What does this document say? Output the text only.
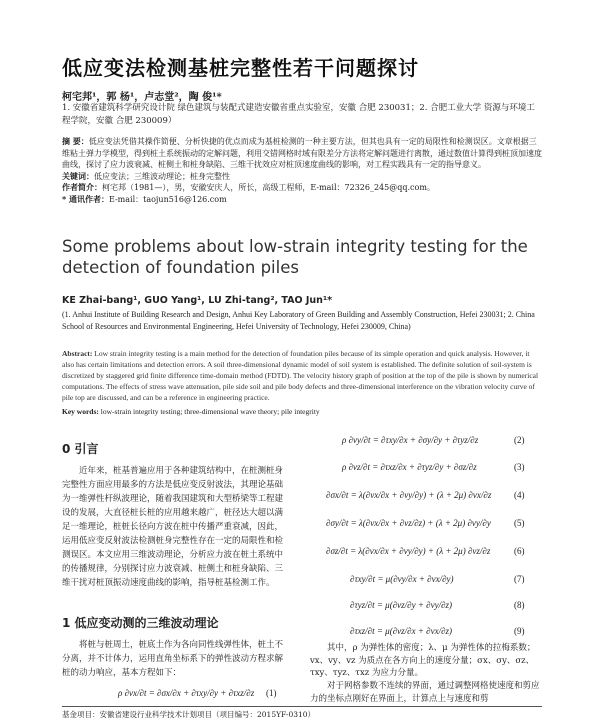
低应变法检测基桩完整性若干问题探讨
柯宅邦¹，郭 杨¹，卢志堂²，陶 俊¹*
1. 安徽省建筑科学研究设计院 绿色建筑与装配式建造安徽省重点实验室，安徽 合肥 230031；2. 合肥工业大学 资源与环境工程学院，安徽 合肥 230009）
摘 要：低应变法凭借其操作简便、分析快捷的优点而成为基桩检测的一种主要方法，但其也具有一定的局限性和检测误区。文章根据三维粘土弹力学模型，得到桩土系统振动的定解问题，利用交错网格时域有限差分方法将定解问题进行离散，通过数值计算得到桩顶加速度曲线，探讨了应力波衰减、桩侧土和桩身缺陷、三维干扰效应对桩顶速度曲线的影响，对工程实践具有一定的指导意义。
关键词：低应变法；三维波动理论；桩身完整性
作者简介：柯宅邦（1981—），男，安徽安庆人，所长，高级工程师，E-mail：72326_245@qq.com。
* 通讯作者：E-mail：taojun516@126.com
Some problems about low-strain integrity testing for the detection of foundation piles
KE Zhai-bang¹, GUO Yang¹, LU Zhi-tang², TAO Jun¹*
(1. Anhui Institute of Building Research and Design, Anhui Key Laboratory of Green Building and Assembly Construction, Hefei 230031; 2. China School of Resources and Environmental Engineering, Hefei University of Technology, Hefei 230009, China)
Abstract: Low strain integrity testing is a main method for the detection of foundation piles because of its simple operation and quick analysis. However, it also has certain limitations and detection errors. A soil three-dimensional dynamic model of soil system is established. The definite solution of soil-system is discretized by staggered grid finite difference time-domain method (FDTD). The velocity history graph of position at the top of the pile is shown by numerical computations. The effects of stress wave attenuation, pile side soil and pile body defects and three-dimensional interference on the vibration velocity curve of pile top are discussed, and can be a reference in engineering practice.
Key words: low-strain integrity testing; three-dimensional wave theory; pile integrity
0 引言
近年来，桩基普遍应用于各种建筑结构中，在桩测桩身完整性方面应用最多的方法是低应变反射波法，其理论基础为一维弹性杆纵波理论，随着我国建筑和大型桥梁等工程建设的发展，大直径桩长桩的应用越来越广，桩径达大超以满足一维理论，桩桩长径向方波在桩中传播严重衰减，因此，运用低应变反射波法检测桩身完整性存在一定的局限性和检测误区。本文应用三维波动理论，分析应力波在桩土系统中的传播规律，分别探讨应力波衰减、桩侧土和桩身缺陷、三维干扰对桩顶振动速度曲线的影响，指导桩基检测工作。
1 低应变动测的三维波动理论
将桩与桩周土，桩底土作为各向同性线弹性体，桩土不分离，并不计体力，运用直角坐标系下的弹性波动方程求解桩的动力响应，基本方程如下：
ρ ∂vx/∂t = ∂σx/∂x + ∂τxy/∂y + ∂τxz/∂z (1)
ρ ∂vy/∂t = ∂τxy/∂x + ∂σy/∂y + ∂τyz/∂z	(2)
ρ ∂vz/∂t = ∂τxz/∂x + ∂τyz/∂y + ∂σz/∂z	(3)
∂σx/∂t = λ(∂vx/∂x + ∂vy/∂y) + (λ + 2μ) ∂vx/∂z	(4)
∂σy/∂t = λ(∂vx/∂x + ∂vz/∂z) + (λ + 2μ) ∂vy/∂y	(5)
∂σz/∂t = λ(∂vx/∂x + ∂vy/∂y) + (λ + 2μ) ∂vz/∂z	(6)
∂τxy/∂t = μ(∂vy/∂x + ∂vx/∂y)	(7)
∂τyz/∂t = μ(∂vz/∂y + ∂vy/∂z)	(8)
∂τxz/∂t = μ(∂vz/∂x + ∂vx/∂z)	(9)
其中，ρ 为弹性体的密度；λ、μ 为弹性体的拉梅系数；vx、vy、vz 为质点在各方向上的速度分量；σx、σy、σz、τxy、τyz、τxz 为应力分量。
对于网格参数不连续的界面，通过调整网格使速度和剪应力的坐标点刚好在界面上，计算点上与速度和剪
基金项目：安徽省建设行业科学技术计划项目（项目编号：2015YF-0310）
